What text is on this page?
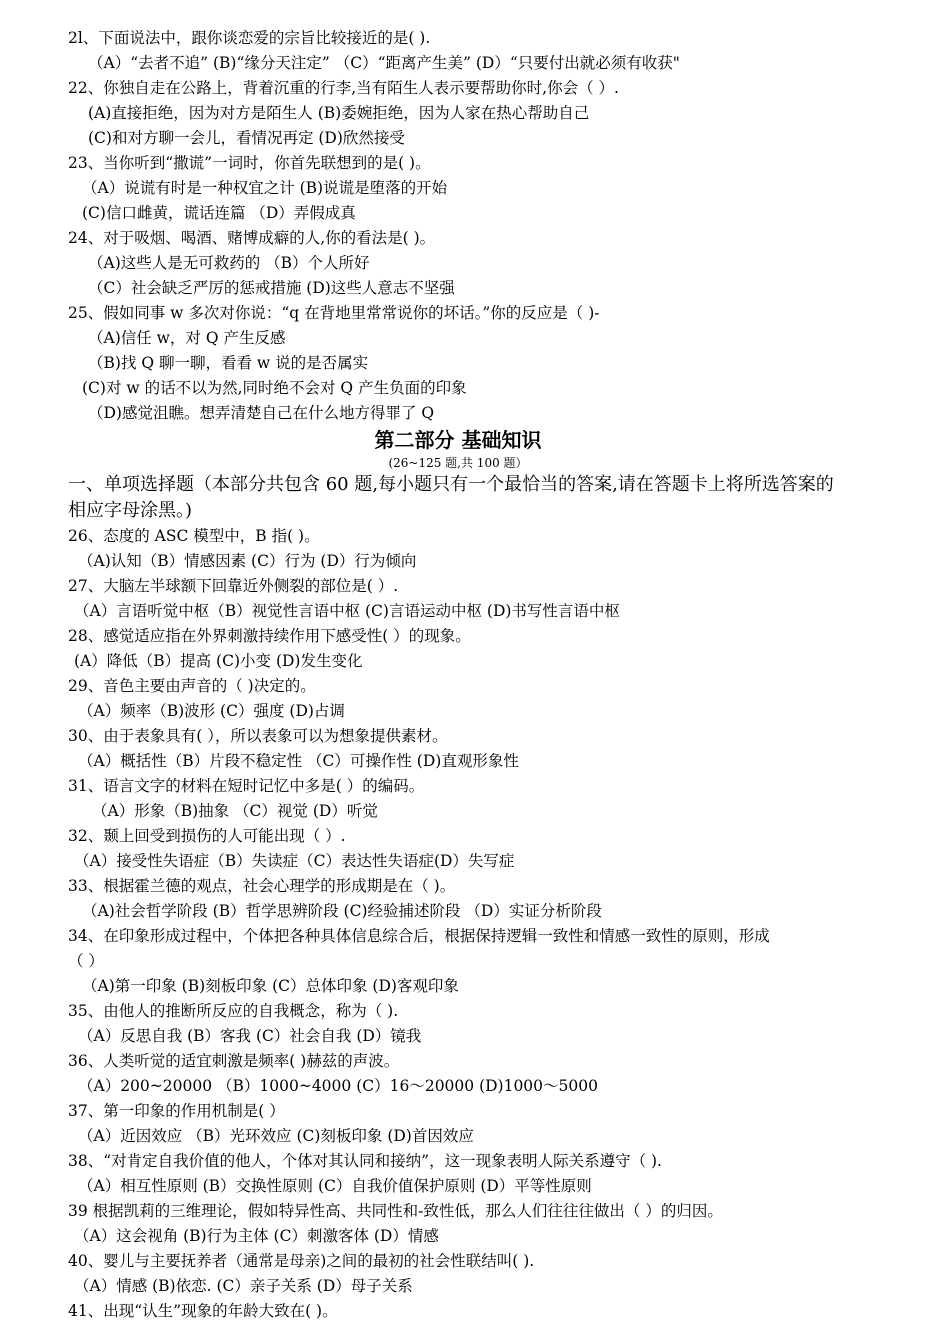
2l、下面说法中，跟你谈恋爱的宗旨比较接近的是( ).
（A）“去者不追” (B)“缘分天注定” （C）“距离产生美” (D）“只要付出就必须有收获"
22、你独自走在公路上，背着沉重的行李,当有陌生人表示要帮助你时,你会（ ）.
(A)直接拒绝，因为对方是陌生人 (B)委婉拒绝，因为人家在热心帮助自己
(C)和对方聊一会儿，看情况再定 (D)欣然接受
23、当你听到“撒谎”一词时，你首先联想到的是( )。
（A）说谎有时是一种权宜之计 (B)说谎是堕落的开始
(C)信口雌黄，谎话连篇 （D）弄假成真
24、对于吸烟、喝酒、赌博成癖的人,你的看法是( )。
（A)这些人是无可救药的 （B）个人所好
（C）社会缺乏严厉的惩戒措施 (D)这些人意志不坚强
25、假如同事 w 多次对你说：“q 在背地里常常说你的坏话。”你的反应是（ )-
（A)信任 w，对 Q 产生反感
（B)找 Q 聊一聊，看看 w 说的是否属实
(C)对 w 的话不以为然,同时绝不会对 Q 产生负面的印象
（D)感觉沮瞧。想弄清楚自己在什么地方得罪了 Q
第二部分 基础知识
(26~125 题,共 100 题）
一、单项选择题（本部分共包含 60 题,每小题只有一个最恰当的答案,请在答题卡上将所选答案的相应字母涂黑。)
26、态度的 ASC 模型中，B 指( )。
（A)认知（B）情感因素 (C）行为 (D）行为倾向
27、大脑左半球额下回靠近外侧裂的部位是( ）.
（A）言语听觉中枢（B）视觉性言语中枢 (C)言语运动中枢 (D)书写性言语中枢
28、感觉适应指在外界刺激持续作用下感受性( ）的现象。
(A）降低（B）提高 (C)小变 (D)发生变化
29、音色主要由声音的（ )决定的。
（A）频率（B)波形 (C）强度 (D)占调
30、由于表象具有( ），所以表象可以为想象提供素材。
（A）概括性（B）片段不稳定性 （C）可操作性 (D)直观形象性
31、语言文字的材料在短时记忆中多是( ）的编码。
（A）形象（B)抽象 （C）视觉 (D）听觉
32、颞上回受到损伤的人可能出现（ ）.
（A）接受性失语症（B）失读症（C）表达性失语症(D）失写症
33、根据霍兰德的观点，社会心理学的形成期是在（ )。
（A)社会哲学阶段 (B）哲学思辨阶段 (C)经验捕述阶段 （D）实证分析阶段
34、在印象形成过程中，个体把各种具体信息综合后，根据保持逻辑一致性和情感一致性的原则，形成
（ ）
（A)第一印象 (B)刻板印象 (C）总体印象 (D)客观印象
35、由他人的推断所反应的自我概念，称为（ ).
（A）反思自我 (B）客我 (C）社会自我 (D）镜我
36、人类听觉的适宜刺激是频率( )赫兹的声波。
（A）200~20000 （B）1000~4000 (C）16～20000 (D)1000～5000
37、第一印象的作用机制是( ）
（A）近因效应 （B）光环效应 (C)刻板印象 (D)首因效应
38、“对肯定自我价值的他人，个体对其认同和接纳”，这一现象表明人际关系遵守（ ).
（A）相互性原则 (B）交换性原则 (C）自我价值保护原则 (D）平等性原则
39 根据凯莉的三维理论，假如特异性高、共同性和-致性低，那么人们往往往做出（ ）的归因。
（A）这会视角 (B)行为主体 (C）刺激客体 (D）情感
40、婴儿与主要抚养者（通常是母亲)之间的最初的社会性联结叫( ).
（A）情感 (B)依恋. (C）亲子关系 (D）母子关系
41、出现“认生”现象的年龄大致在( )。
